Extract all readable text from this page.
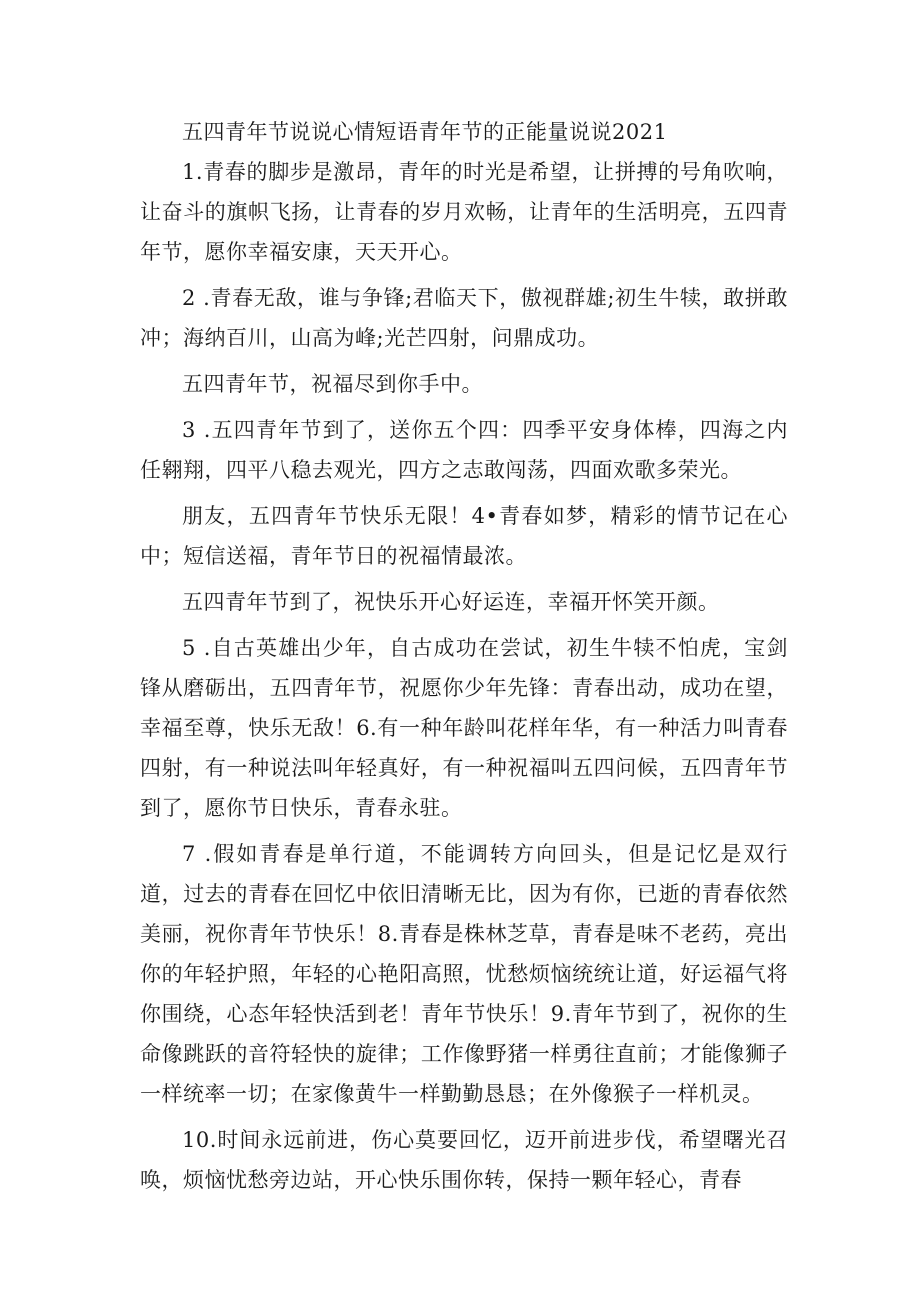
五四青年节说说心情短语青年节的正能量说说2021

1.青春的脚步是激昂，青年的时光是希望，让拼搏的号角吹响，让奋斗的旗帜飞扬，让青春的岁月欢畅，让青年的生活明亮，五四青年节，愿你幸福安康，天天开心。

2 .青春无敌，谁与争锋;君临天下，傲视群雄;初生牛犊，敢拼敢冲；海纳百川，山高为峰;光芒四射，问鼎成功。

五四青年节，祝福尽到你手中。

3 .五四青年节到了，送你五个四：四季平安身体棒，四海之内任翱翔，四平八稳去观光，四方之志敢闯荡，四面欢歌多荣光。

朋友，五四青年节快乐无限！4•青春如梦，精彩的情节记在心中；短信送福，青年节日的祝福情最浓。

五四青年节到了，祝快乐开心好运连，幸福开怀笑开颜。

5 .自古英雄出少年，自古成功在尝试，初生牛犊不怕虎，宝剑锋从磨砺出，五四青年节，祝愿你少年先锋：青春出动，成功在望，幸福至尊，快乐无敌！6.有一种年龄叫花样年华，有一种活力叫青春四射，有一种说法叫年轻真好，有一种祝福叫五四问候，五四青年节到了，愿你节日快乐，青春永驻。

7 .假如青春是单行道，不能调转方向回头，但是记忆是双行道，过去的青春在回忆中依旧清晰无比，因为有你，已逝的青春依然美丽，祝你青年节快乐！8.青春是株林芝草，青春是味不老药，亮出你的年轻护照，年轻的心艳阳高照，忧愁烦恼统统让道，好运福气将你围绕，心态年轻快活到老！青年节快乐！9.青年节到了，祝你的生命像跳跃的音符轻快的旋律；工作像野猪一样勇往直前；才能像狮子一样统率一切；在家像黄牛一样勤勤恳恳；在外像猴子一样机灵。

10.时间永远前进，伤心莫要回忆，迈开前进步伐，希望曙光召唤，烦恼忧愁旁边站，开心快乐围你转，保持一颗年轻心，青春
